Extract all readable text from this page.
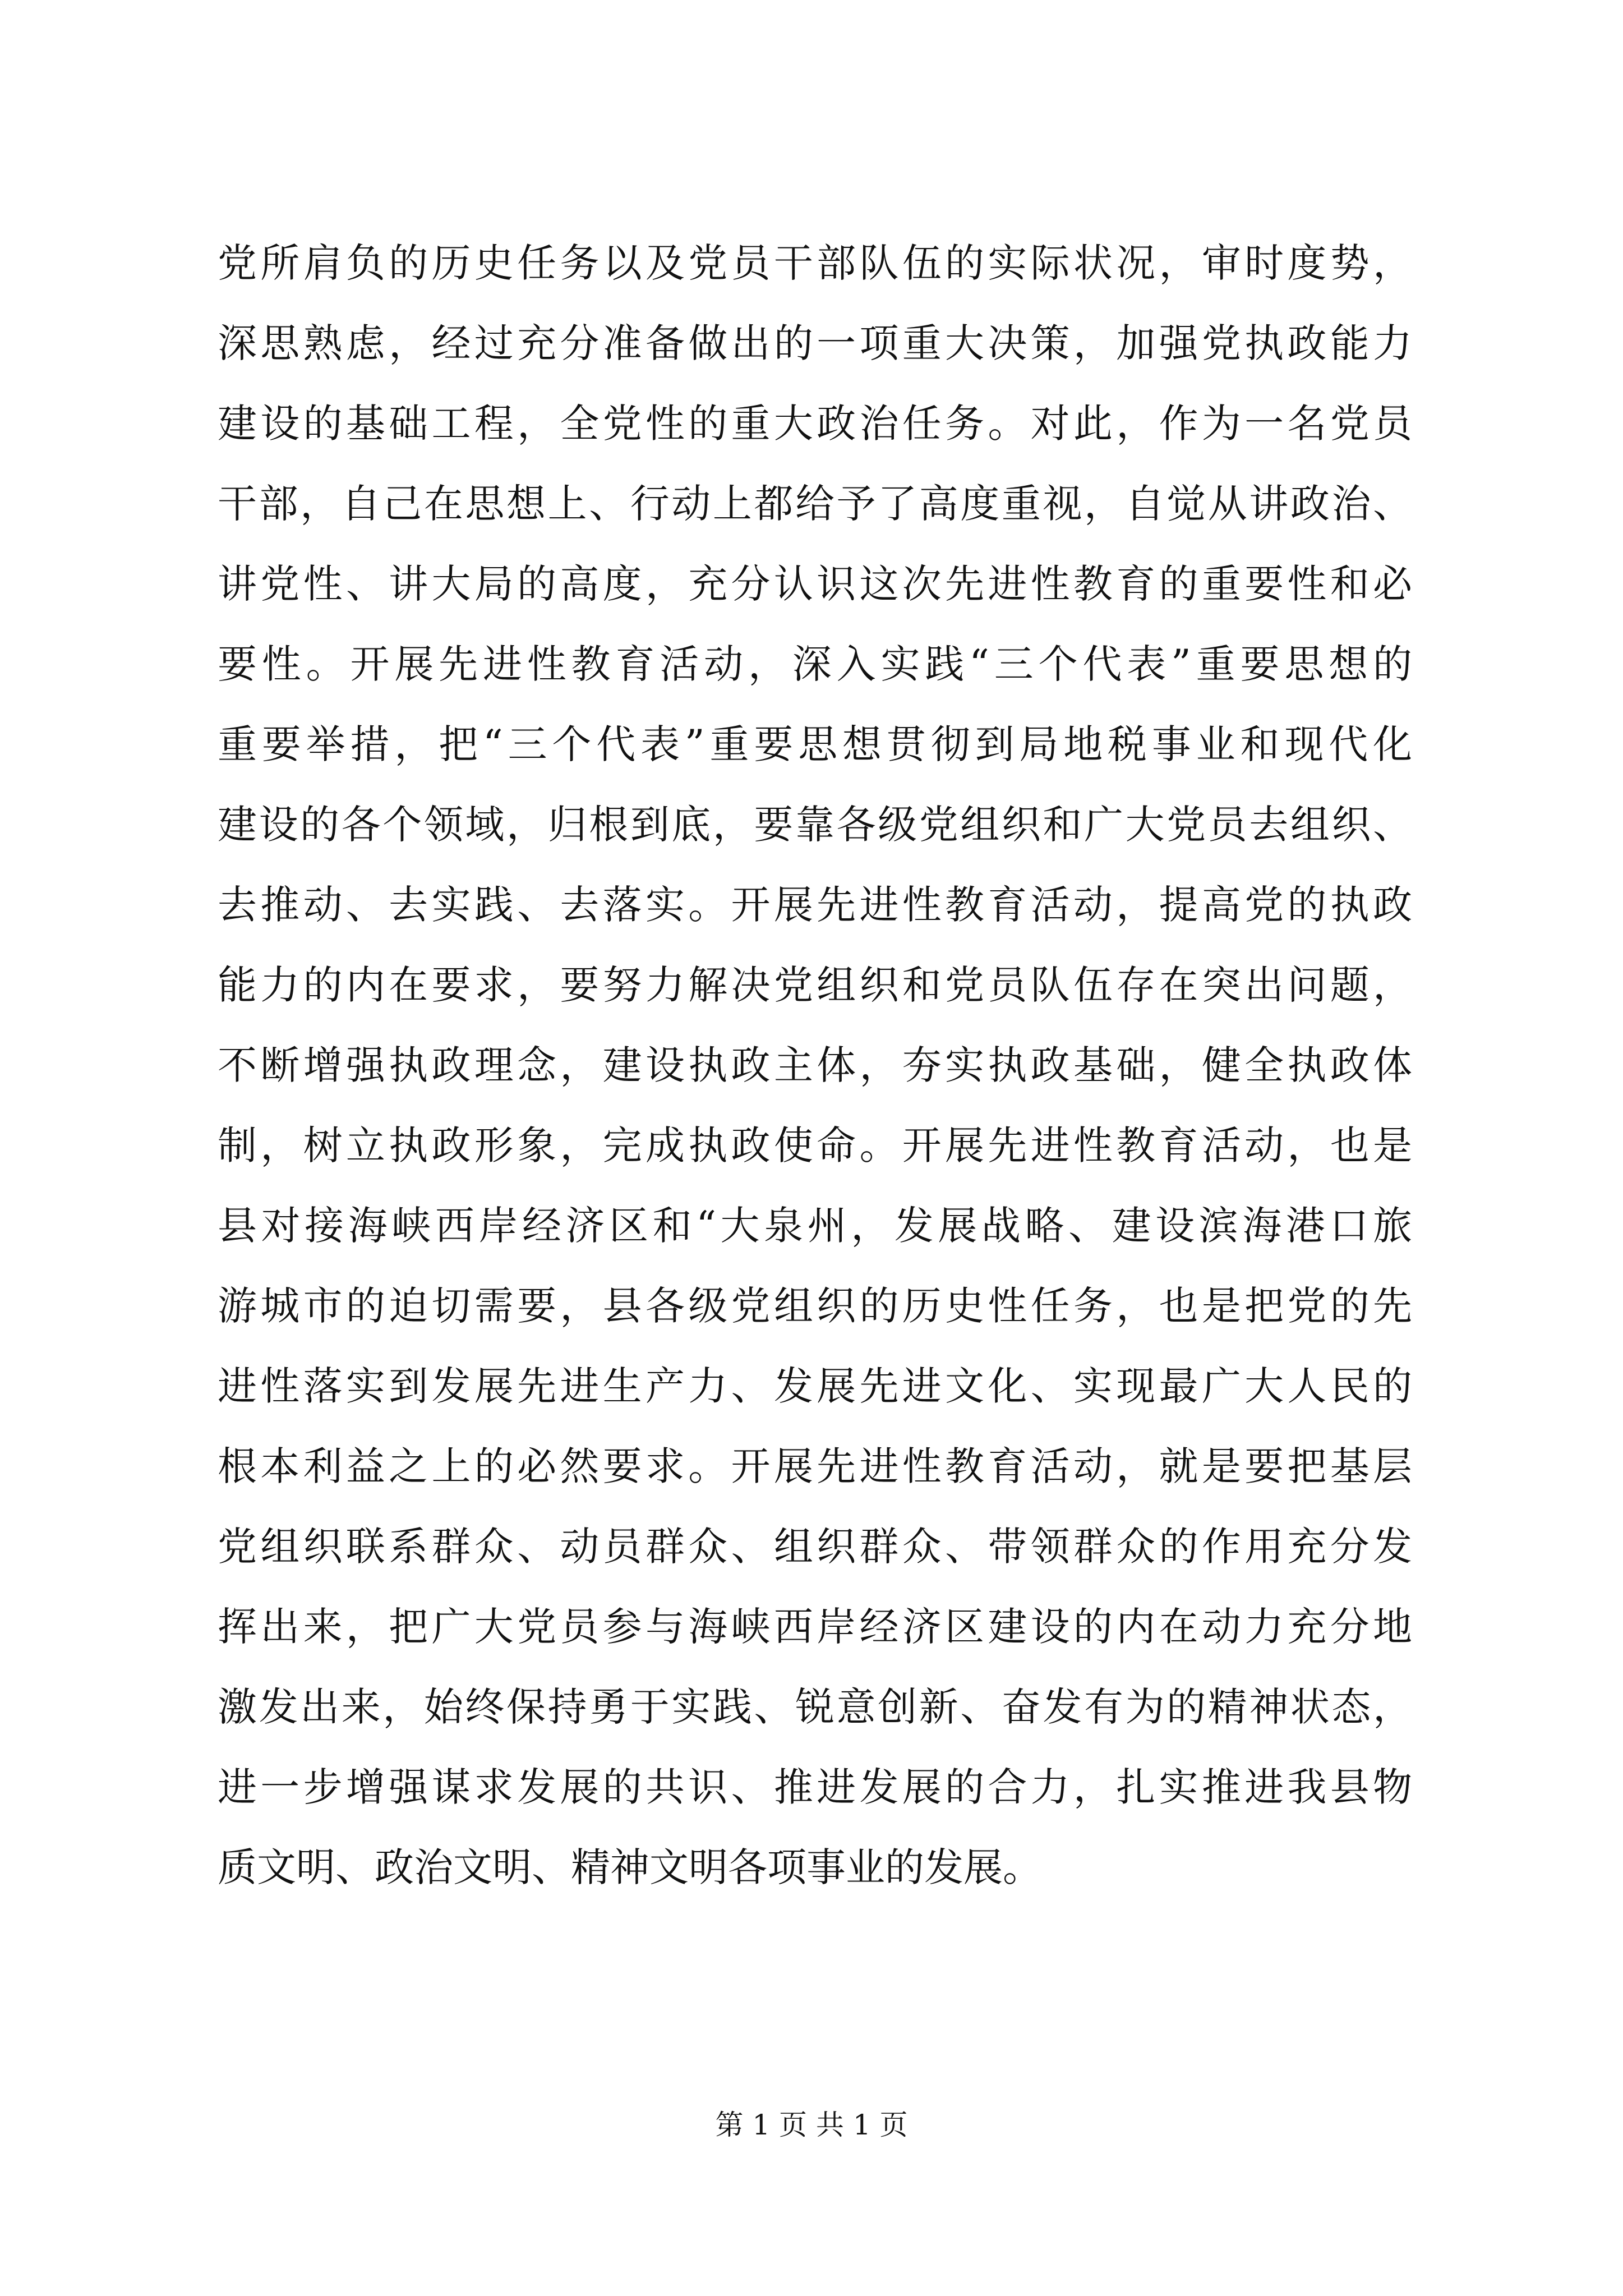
党所肩负的历史任务以及党员干部队伍的实际状况，审时度势，
深思熟虑，经过充分准备做出的一项重大决策，加强党执政能力
建设的基础工程，全党性的重大政治任务。对此，作为一名党员
干部，自己在思想上、行动上都给予了高度重视，自觉从讲政治、
讲党性、讲大局的高度，充分认识这次先进性教育的重要性和必
要性。开展先进性教育活动，深入实践“三个代表”重要思想的
重要举措，把“三个代表”重要思想贯彻到局地税事业和现代化
建设的各个领域，归根到底，要靠各级党组织和广大党员去组织、
去推动、去实践、去落实。开展先进性教育活动，提高党的执政
能力的内在要求，要努力解决党组织和党员队伍存在突出问题，
不断增强执政理念，建设执政主体，夯实执政基础，健全执政体
制，树立执政形象，完成执政使命。开展先进性教育活动，也是
县对接海峡西岸经济区和“大泉州，发展战略、建设滨海港口旅
游城市的迫切需要，县各级党组织的历史性任务，也是把党的先
进性落实到发展先进生产力、发展先进文化、实现最广大人民的
根本利益之上的必然要求。开展先进性教育活动，就是要把基层
党组织联系群众、动员群众、组织群众、带领群众的作用充分发
挥出来，把广大党员参与海峡西岸经济区建设的内在动力充分地
激发出来，始终保持勇于实践、锐意创新、奋发有为的精神状态，
进一步增强谋求发展的共识、推进发展的合力，扎实推进我县物
质文明、政治文明、精神文明各项事业的发展。
第 1 页 共 1 页
